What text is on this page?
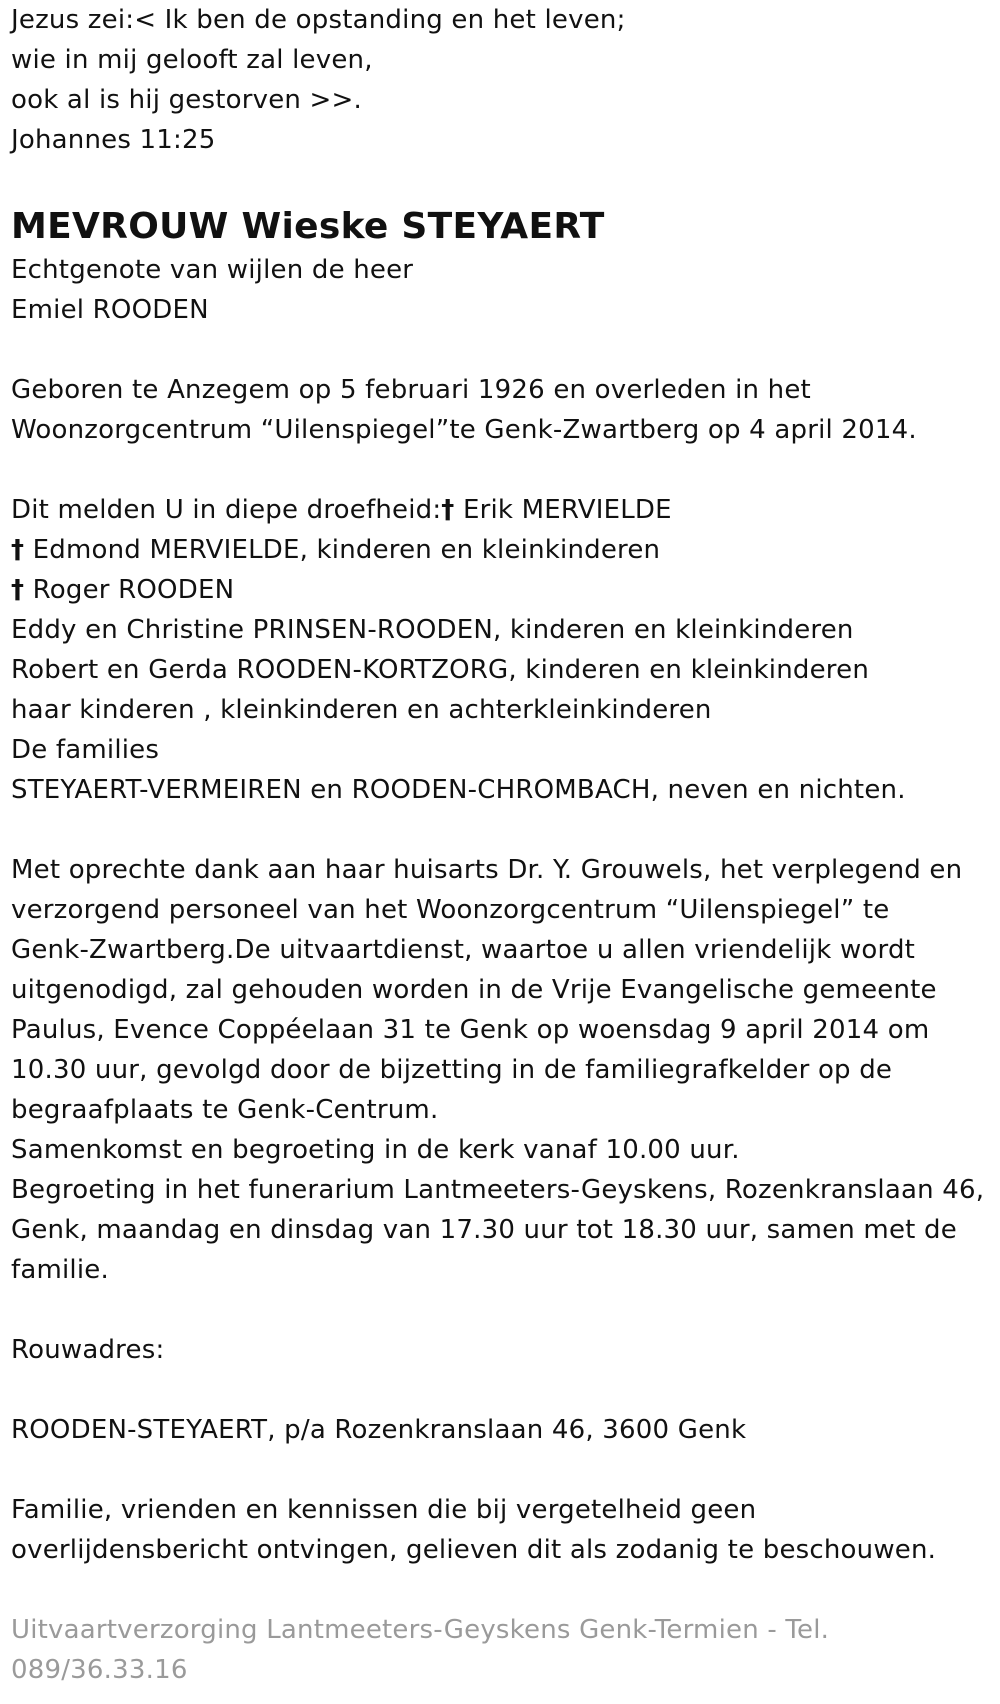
Jezus zei:< Ik ben de opstanding en het leven;
wie in mij gelooft zal leven,
ook al is hij gestorven >>.
Johannes 11:25
MEVROUW Wieske STEYAERT
Echtgenote van wijlen de heer
Emiel ROODEN
Geboren te Anzegem op 5 februari 1926 en overleden in het
Woonzorgcentrum “Uilenspiegel”te Genk-Zwartberg op 4 april 2014.
Dit melden U in diepe droefheid:† Erik MERVIELDE
† Edmond MERVIELDE, kinderen en kleinkinderen
† Roger ROODEN
Eddy en Christine PRINSEN-ROODEN, kinderen en kleinkinderen
Robert en Gerda ROODEN-KORTZORG, kinderen en kleinkinderen
haar kinderen , kleinkinderen en achterkleinkinderen
De families
STEYAERT-VERMEIREN en ROODEN-CHROMBACH, neven en nichten.
Met oprechte dank aan haar huisarts Dr. Y. Grouwels, het verplegend en
verzorgend personeel van het Woonzorgcentrum “Uilenspiegel” te
Genk-Zwartberg.De uitvaartdienst, waartoe u allen vriendelijk wordt
uitgenodigd, zal gehouden worden in de Vrije Evangelische gemeente
Paulus, Evence Coppéelaan 31 te Genk op woensdag 9 april 2014 om
10.30 uur, gevolgd door de bijzetting in de familiegrafkelder op de
begraafplaats te Genk-Centrum.
Samenkomst en begroeting in de kerk vanaf 10.00 uur.
Begroeting in het funerarium Lantmeeters-Geyskens, Rozenkranslaan 46,
Genk, maandag en dinsdag van 17.30 uur tot 18.30 uur, samen met de
familie.
Rouwadres:
ROODEN-STEYAERT, p/a Rozenkranslaan 46, 3600 Genk
Familie, vrienden en kennissen die bij vergetelheid geen
overlijdensbericht ontvingen, gelieven dit als zodanig te beschouwen.
Uitvaartverzorging Lantmeeters-Geyskens Genk-Termien - Tel.
089/36.33.16
